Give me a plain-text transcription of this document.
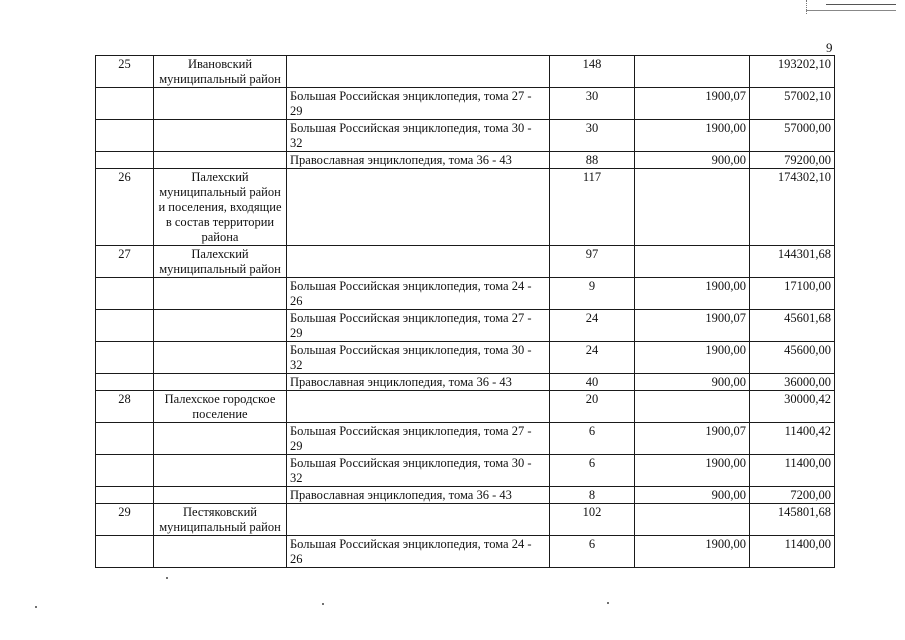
9
25	Ивановский муниципальный район		148		193202,10
		Большая Российская энциклопедия, тома 27 - 29	30	1900,07	57002,10
		Большая Российская энциклопедия, тома 30 - 32	30	1900,00	57000,00
		Православная энциклопедия, тома 36 - 43	88	900,00	79200,00
26	Палехский муниципальный район и поселения, входящие в состав территории района		117		174302,10
27	Палехский муниципальный район		97		144301,68
		Большая Российская энциклопедия, тома 24 - 26	9	1900,00	17100,00
		Большая Российская энциклопедия, тома 27 - 29	24	1900,07	45601,68
		Большая Российская энциклопедия, тома 30 - 32	24	1900,00	45600,00
		Православная энциклопедия, тома 36 - 43	40	900,00	36000,00
28	Палехское городское поселение		20		30000,42
		Большая Российская энциклопедия, тома 27 - 29	6	1900,07	11400,42
		Большая Российская энциклопедия, тома 30 - 32	6	1900,00	11400,00
		Православная энциклопедия, тома 36 - 43	8	900,00	7200,00
29	Пестяковский муниципальный район		102		145801,68
		Большая Российская энциклопедия, тома 24 - 26	6	1900,00	11400,00
